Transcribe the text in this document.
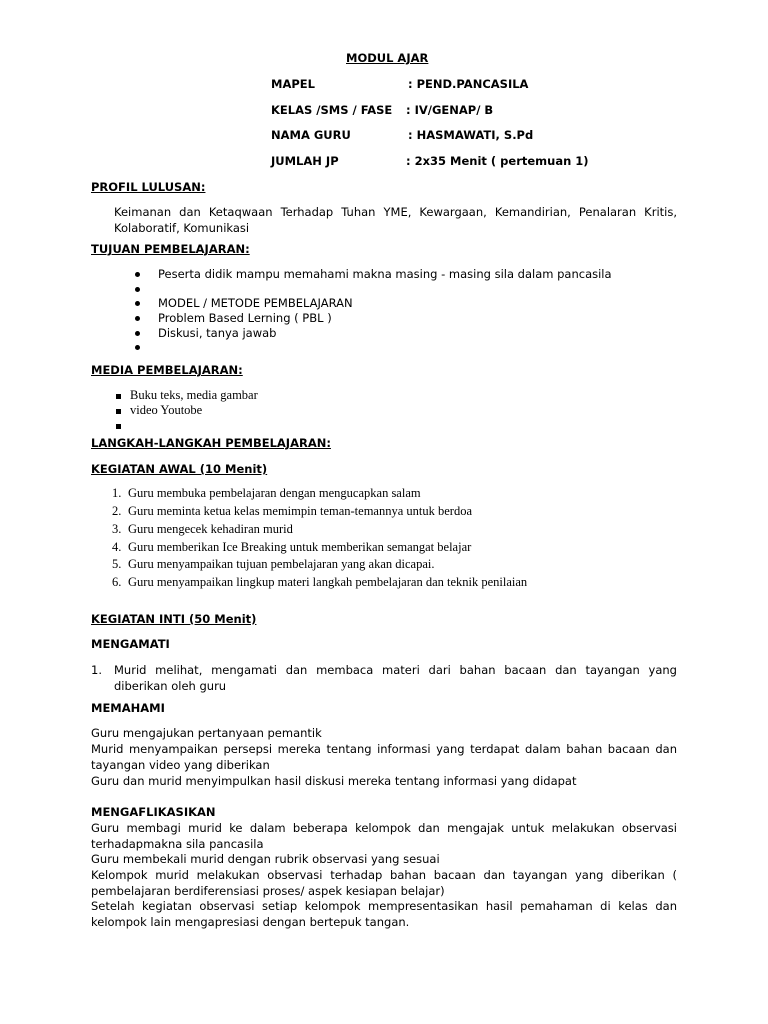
MODUL AJAR
MAPEL	: PEND.PANCASILA
KELAS /SMS / FASE : IV/GENAP/ B
NAMA GURU	: HASMAWATI, S.Pd
JUMLAH JP	: 2x35 Menit ( pertemuan 1)
PROFIL LULUSAN:
Keimanan dan Ketaqwaan Terhadap Tuhan YME, Kewargaan, Kemandirian, Penalaran Kritis, Kolaboratif, Komunikasi
TUJUAN PEMBELAJARAN:
Peserta didik mampu memahami makna masing - masing sila dalam pancasila
MODEL / METODE PEMBELAJARAN
Problem Based Lerning ( PBL )
Diskusi, tanya jawab
MEDIA PEMBELAJARAN:
Buku teks, media gambar
video Youtobe
LANGKAH-LANGKAH PEMBELAJARAN:
KEGIATAN AWAL (10 Menit)
1. Guru membuka pembelajaran dengan mengucapkan salam
2. Guru meminta ketua kelas memimpin teman-temannya untuk berdoa
3. Guru mengecek kehadiran murid
4. Guru memberikan Ice Breaking untuk memberikan semangat belajar
5. Guru menyampaikan tujuan pembelajaran yang akan dicapai.
6. Guru menyampaikan lingkup materi langkah pembelajaran dan teknik penilaian
KEGIATAN INTI (50 Menit)
MENGAMATI
1. Murid melihat, mengamati dan membaca materi dari bahan bacaan dan tayangan yang diberikan oleh guru
MEMAHAMI
Guru mengajukan pertanyaan pemantik
Murid menyampaikan persepsi mereka tentang informasi yang terdapat dalam bahan bacaan dan tayangan video yang diberikan
Guru dan murid menyimpulkan hasil diskusi mereka tentang informasi yang didapat
MENGAFLIKASIKAN
Guru membagi murid ke dalam beberapa kelompok dan mengajak untuk melakukan observasi terhadapmakna sila pancasila
Guru membekali murid dengan rubrik observasi yang sesuai
Kelompok murid melakukan observasi terhadap bahan bacaan dan tayangan yang diberikan ( pembelajaran berdiferensiasi proses/ aspek kesiapan belajar)
Setelah kegiatan observasi setiap kelompok mempresentasikan hasil pemahaman di kelas dan kelompok lain mengapresiasi dengan bertepuk tangan.
